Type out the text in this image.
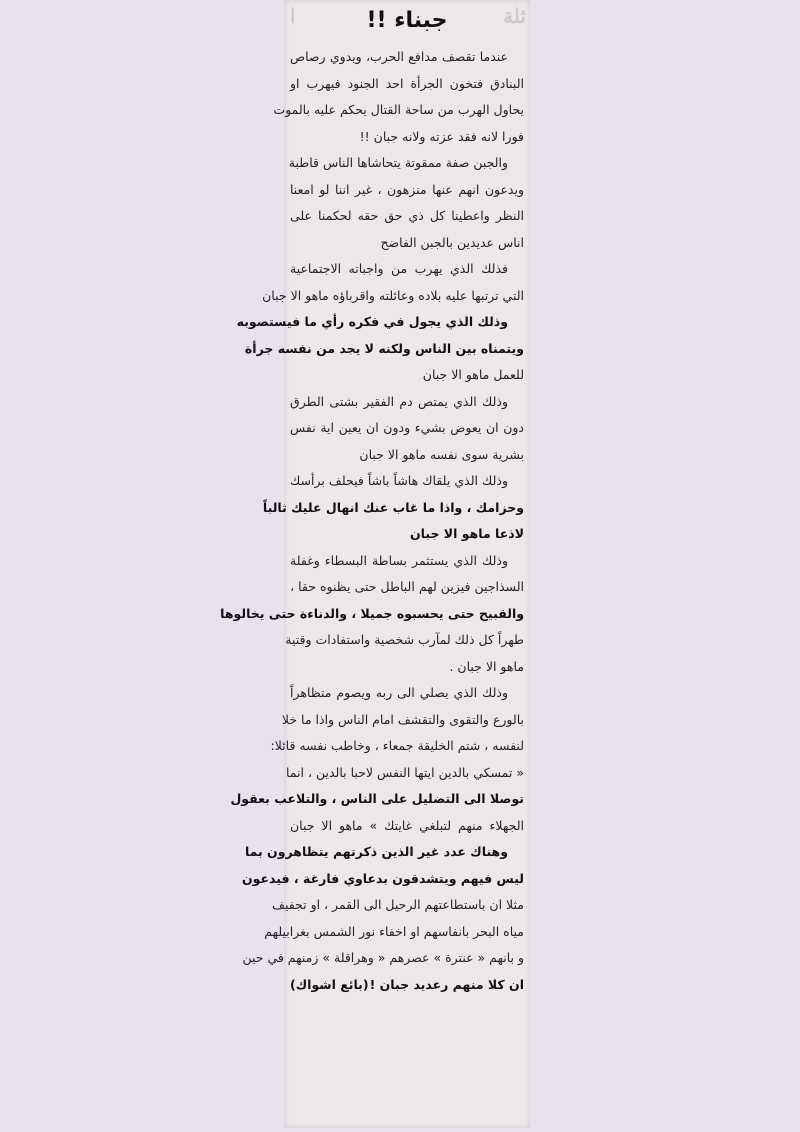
ا	ثلة
جبناء !!
عندما تقصف مدافع الحرب، ويدوي رصاص
البنادق فتخون الجرأة احد الجنود فيهرب او
يحاول الهرب من ساحة القتال يحكم عليه بالموت
فورا لانه فقد عزته ولانه جبان !!
والجبن صفة ممقوتة يتحاشاها الناس قاطبة
ويدعون انهم عنها منزهون ، غير اننا لو امعنا
النظر واعطينا كل ذي حق حقه لحكمنا على
اناس عديدين بالجبن الفاضح
فذلك الذي يهرب من واجباته الاجتماعية
التي ترتبها عليه بلاده وعائلته واقرباؤه ماهو الا جبان
وذلك الذي يجول في فكره رأي ما فيستصوبه
ويتمناه بين الناس ولكنه لا يجد من نفسه جرأة
للعمل ماهو الا جبان
وذلك الذي يمتص دم الفقير بشتى الطرق
دون ان يعوض بشيء ودون ان يعين اية نفس
بشرية سوى نفسه ماهو الا جبان
وذلك الذي يلقاك هاشاً باشاً فيحلف برأسك
وحزامك ، واذا ما غاب عنك انهال عليك ثالباً
لاذعا ماهو الا جبان
وذلك الذي يستثمر بساطة البسطاء وغفلة
السذاجين فيزين لهم الباطل حتى يظنوه حقا ،
والقبيح حتى يحسبوه جميلا ، والدناءة حتى يخالوها
طهراً كل ذلك لمآرب شخصية واستفادات وقتية
ماهو الا جبان .
وذلك الذي يصلي الى ربه ويصوم متظاهراً
بالورع والتقوى والتقشف امام الناس واذا ما خلا
لنفسه ، شتم الخليقة جمعاء ، وخاطب نفسه قائلا:
« تمسكي بالدين ايتها النفس لاحبا بالدين ، انما
توصلا الى التضليل على الناس ، والتلاعب بعقول
الجهلاء منهم لتبلغي غايتك » ماهو الا جبان
وهناك عدد غير الذين ذكرتهم يتظاهرون بما
ليس فيهم ويتشدقون بدعاوي فارغة ، فيدعون
مثلا ان باستطاعتهم الرحيل الى القمر ، او تجفيف
مياه البحر بانفاسهم او اخفاء نور الشمس بغرابيلهم
و بانهم « عنترة » عصرهم « وهراقلة » زمنهم في حين
ان كلا منهم رعديد جبان !
(بائع اشواك)
